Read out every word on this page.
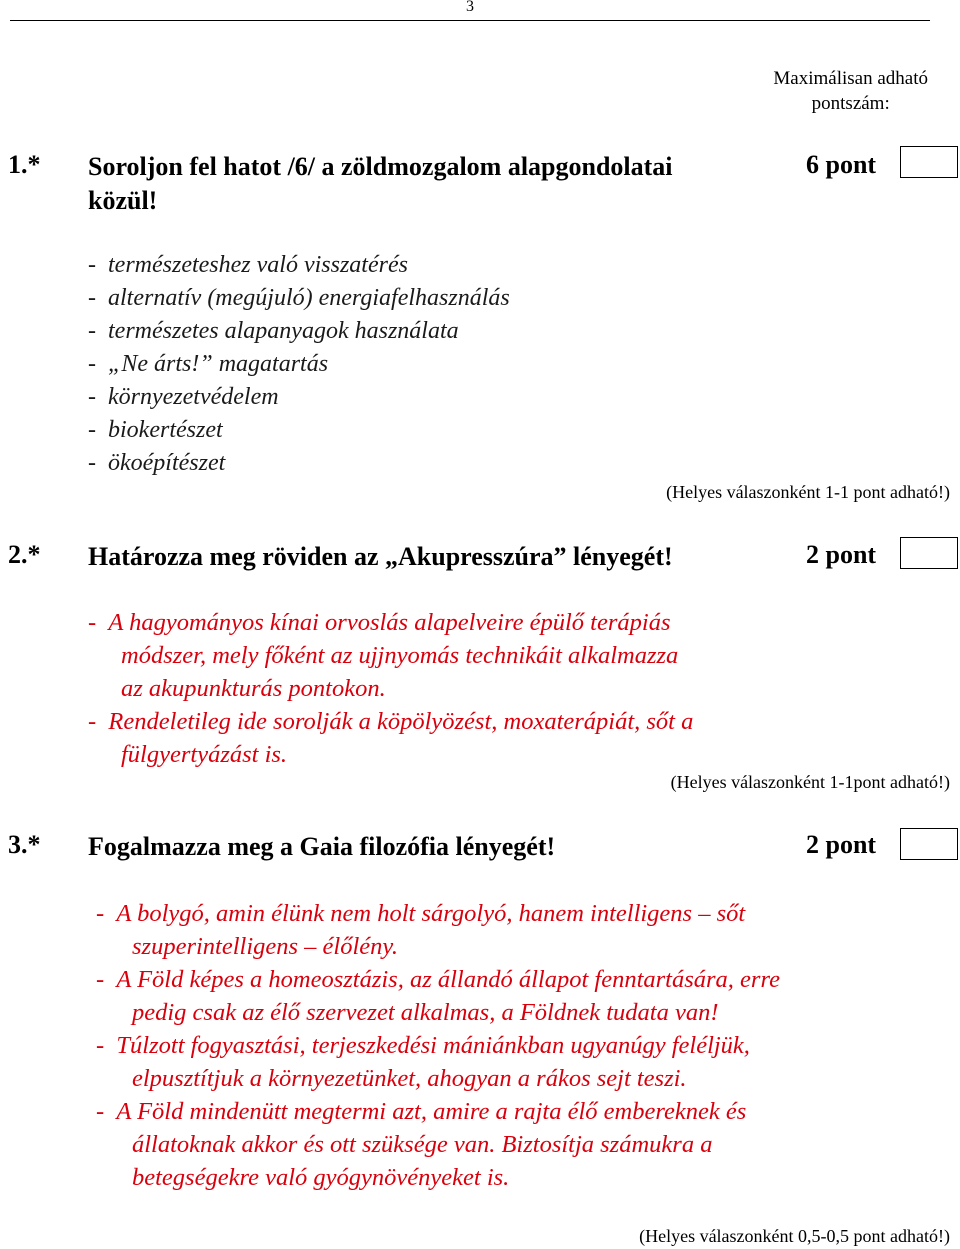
3
Maximálisan adható
pontszám:
1.* Soroljon fel hatot /6/ a zöldmozgalom alapgondolatai
közül!
6 pont
-  természeteshez való visszatérés
-  alternatív (megújuló) energiafelhasználás
-  természetes alapanyagok használata
-  „Ne árts!” magatartás
-  környezetvédelem
-  biokertészet
-  ökoépítészet
(Helyes válaszonként 1-1 pont adható!)
2.* Határozza meg röviden az „Akupresszúra” lényegét!	2 pont
-  A hagyományos kínai orvoslás alapelveire épülő terápiás
módszer, mely főként az ujjnyomás technikáit alkalmazza
az akupunkturás pontokon.
-  Rendeletileg ide sorolják a köpölyözést, moxaterápiát, sőt a
fülgyertyázást is.
(Helyes válaszonként 1-1pont adható!)
3.* Fogalmazza meg a Gaia filozófia lényegét!	2 pont
-  A bolygó, amin élünk nem holt sárgolyó, hanem intelligens – sőt
szuperintelligens – élőlény.
-  A Föld képes a homeosztázis, az állandó állapot fenntartására, erre
pedig csak az élő szervezet alkalmas, a Földnek tudata van!
-  Túlzott fogyasztási, terjeszkedési mániánkban ugyanúgy feléljük,
elpusztítjuk a környezetünket, ahogyan a rákos sejt teszi.
-  A Föld mindenütt megtermi azt, amire a rajta élő embereknek és
állatoknak akkor és ott szüksége van. Biztosítja számukra a
betegségekre való gyógynövényeket is.
(Helyes válaszonként 0,5-0,5 pont adható!)
